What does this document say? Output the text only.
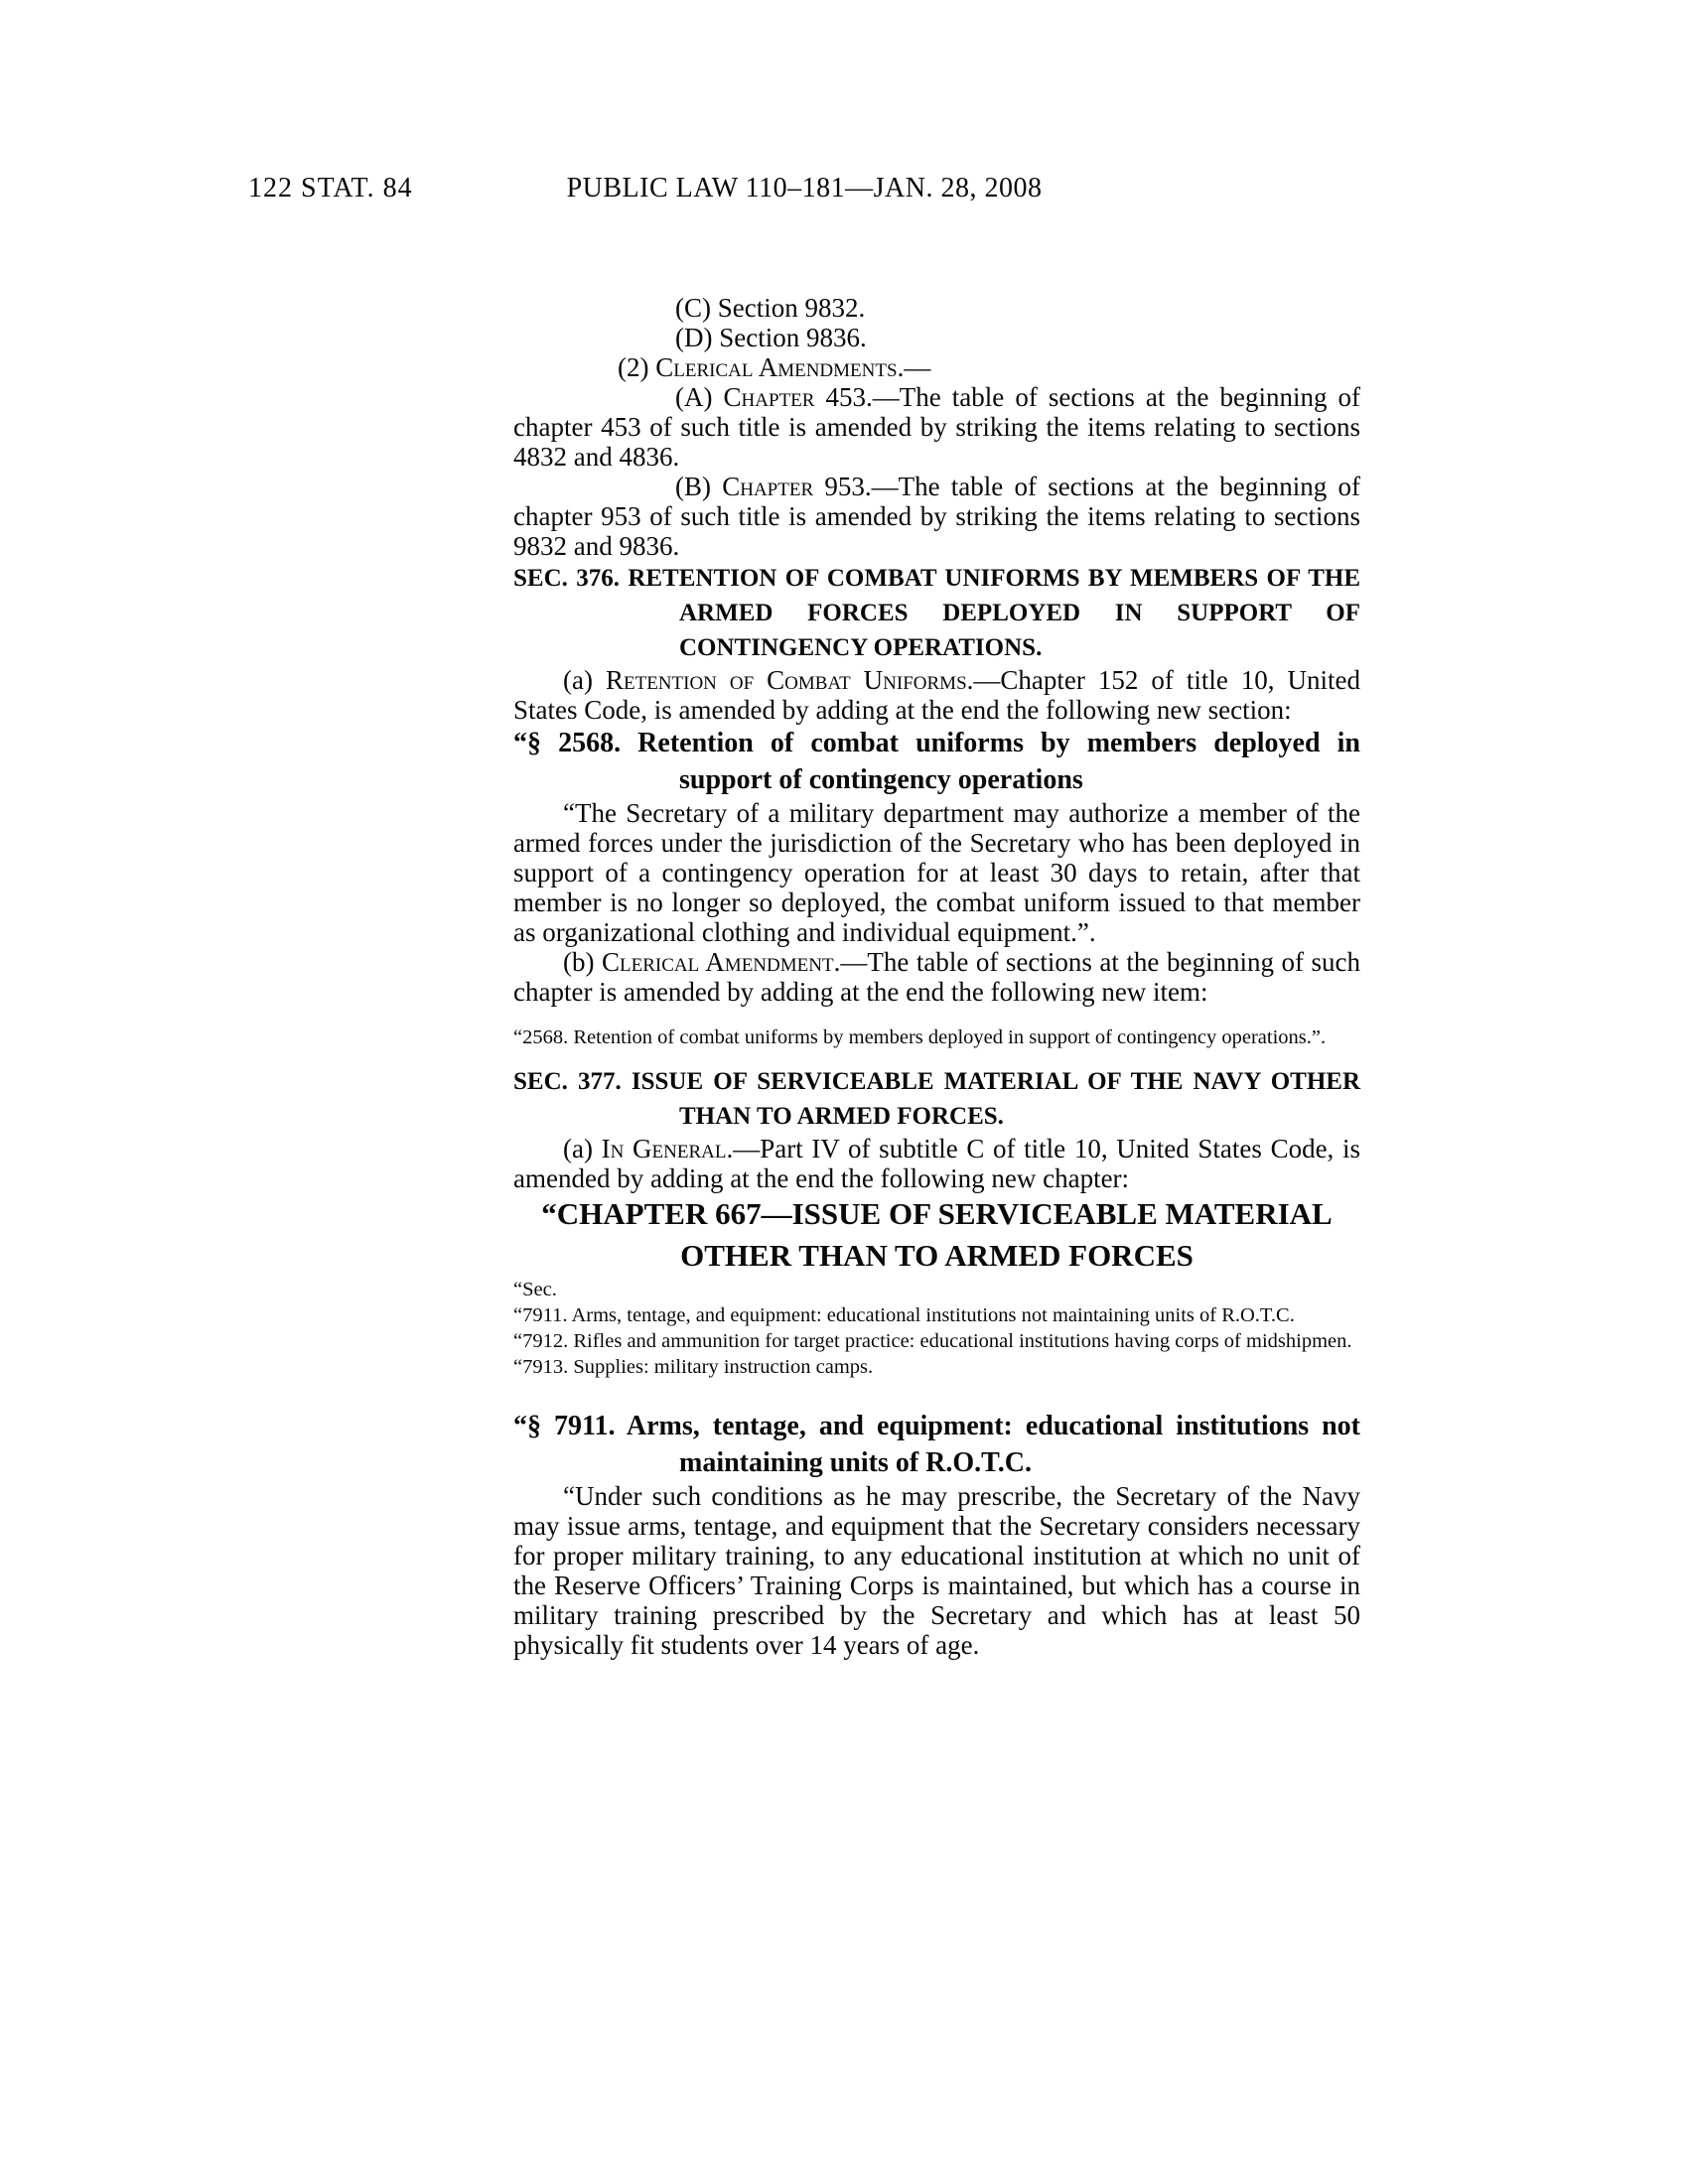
122 STAT. 84	PUBLIC LAW 110–181—JAN. 28, 2008

(C) Section 9832.

(D) Section 9836.

(2) Clerical Amendments.—

(A) Chapter 453.—The table of sections at the beginning of chapter 453 of such title is amended by striking the items relating to sections 4832 and 4836.

(B) Chapter 953.—The table of sections at the beginning of chapter 953 of such title is amended by striking the items relating to sections 9832 and 9836.

SEC. 376. RETENTION OF COMBAT UNIFORMS BY MEMBERS OF THE ARMED FORCES DEPLOYED IN SUPPORT OF CONTINGENCY OPERATIONS.

(a) Retention of Combat Uniforms.—Chapter 152 of title 10, United States Code, is amended by adding at the end the following new section:

“§ 2568. Retention of combat uniforms by members deployed in support of contingency operations

“The Secretary of a military department may authorize a member of the armed forces under the jurisdiction of the Secretary who has been deployed in support of a contingency operation for at least 30 days to retain, after that member is no longer so deployed, the combat uniform issued to that member as organizational clothing and individual equipment.”.

(b) Clerical Amendment.—The table of sections at the beginning of such chapter is amended by adding at the end the following new item:

“2568. Retention of combat uniforms by members deployed in support of contingency operations.”.

SEC. 377. ISSUE OF SERVICEABLE MATERIAL OF THE NAVY OTHER THAN TO ARMED FORCES.

(a) In General.—Part IV of subtitle C of title 10, United States Code, is amended by adding at the end the following new chapter:

“CHAPTER 667—ISSUE OF SERVICEABLE MATERIAL OTHER THAN TO ARMED FORCES

“Sec.

“7911. Arms, tentage, and equipment: educational institutions not maintaining units of R.O.T.C.

“7912. Rifles and ammunition for target practice: educational institutions having corps of midshipmen.

“7913. Supplies: military instruction camps.

“§ 7911. Arms, tentage, and equipment: educational institutions not maintaining units of R.O.T.C.

“Under such conditions as he may prescribe, the Secretary of the Navy may issue arms, tentage, and equipment that the Secretary considers necessary for proper military training, to any educational institution at which no unit of the Reserve Officers’ Training Corps is maintained, but which has a course in military training prescribed by the Secretary and which has at least 50 physically fit students over 14 years of age.
